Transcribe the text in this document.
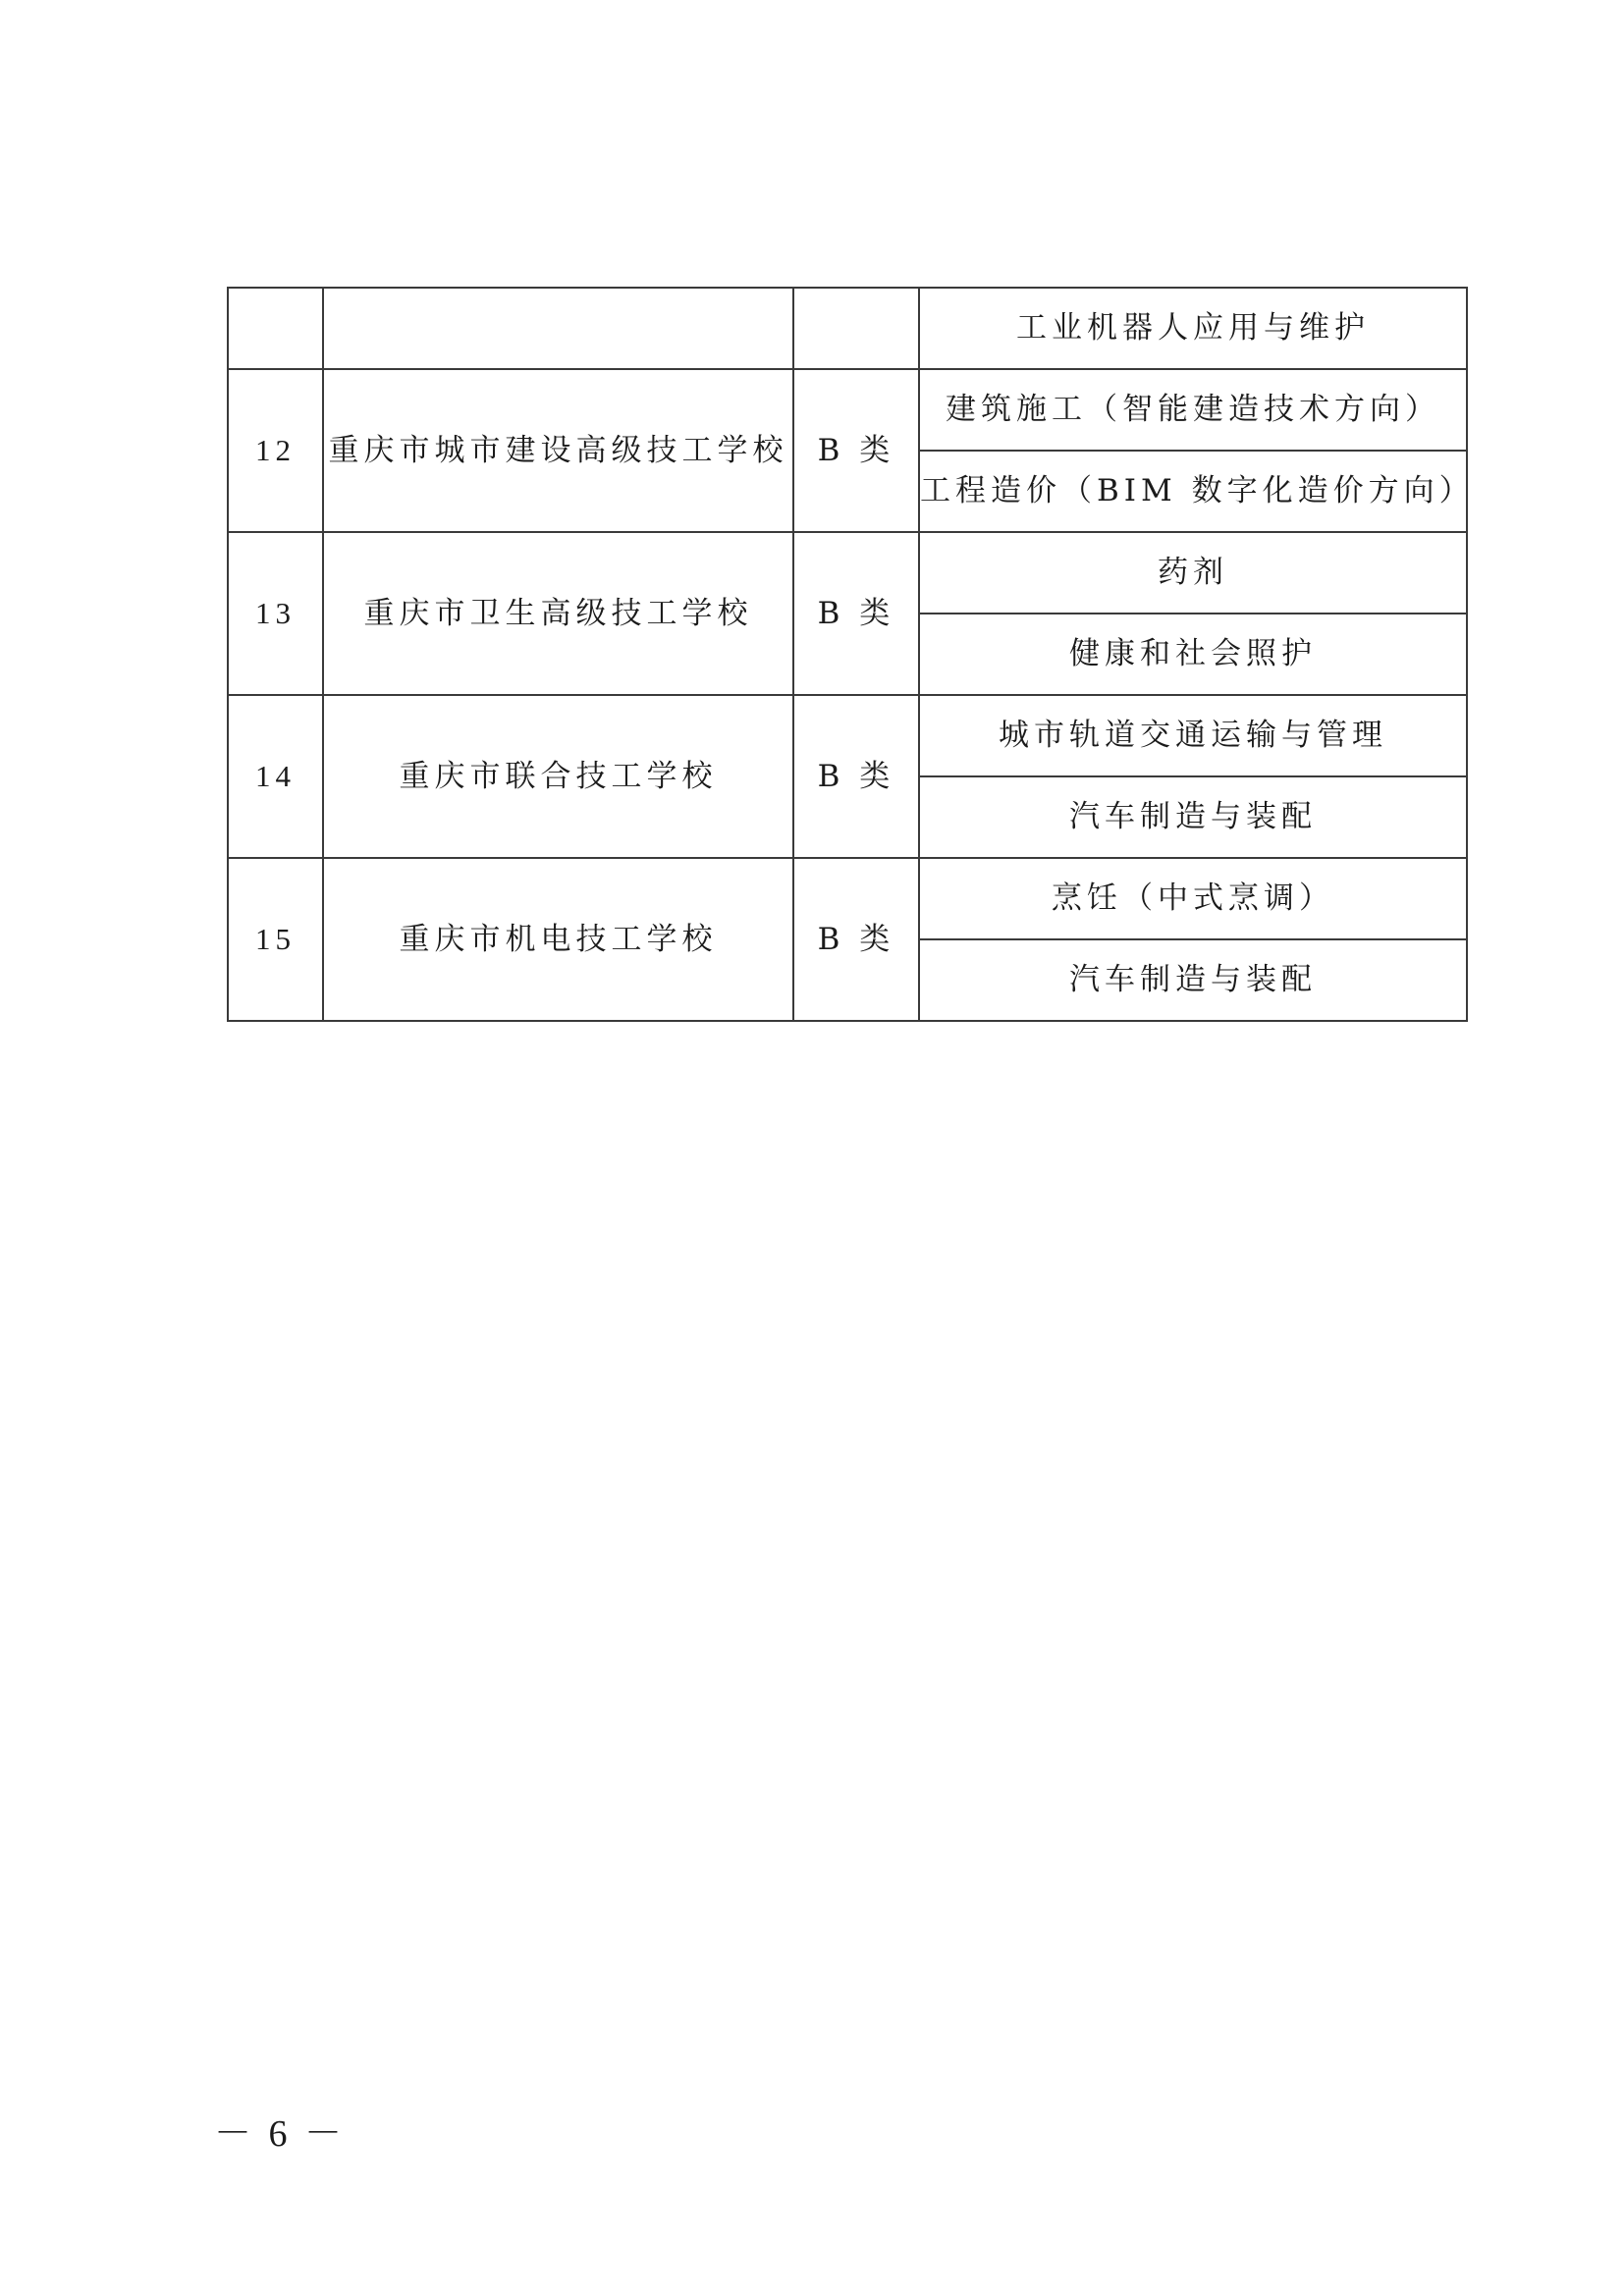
			工业机器人应用与维护
12	重庆市城市建设高级技工学校	B 类	建筑施工（智能建造技术方向）
			工程造价（BIM 数字化造价方向）
13	重庆市卫生高级技工学校	B 类	药剂
			健康和社会照护
14	重庆市联合技工学校	B 类	城市轨道交通运输与管理
			汽车制造与装配
15	重庆市机电技工学校	B 类	烹饪（中式烹调）
			汽车制造与装配
－ 6 －
